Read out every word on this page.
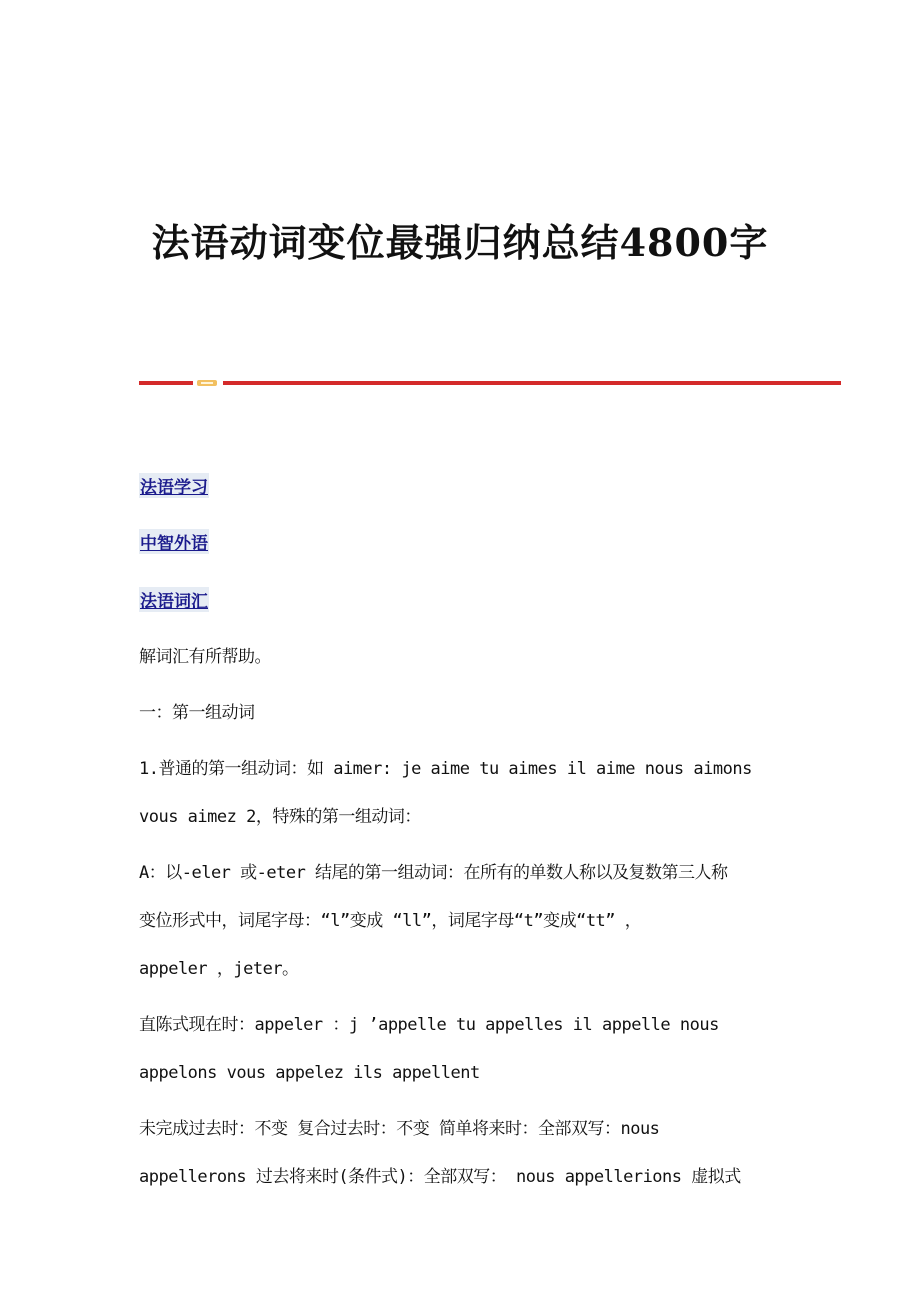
法语动词变位最强归纳总结4800字
法语学习
中智外语
法语词汇

解词汇有所帮助。

一：第一组动词

1.普通的第一组动词：如 aimer: je aime tu aimes il aime nous aimons

vous aimez 2，特殊的第一组动词：

A：以-eler 或-eter 结尾的第一组动词：在所有的单数人称以及复数第三人称

变位形式中，词尾字母：“l”变成 “ll”，词尾字母“t”变成“tt” ，

appeler ，jeter。

直陈式现在时：appeler ：j ’appelle tu appelles il appelle nous

appelons vous appelez ils appellent

未完成过去时：不变 复合过去时：不变 简单将来时：全部双写：nous

appellerons 过去将来时(条件式)：全部双写： nous appellerions 虚拟式
